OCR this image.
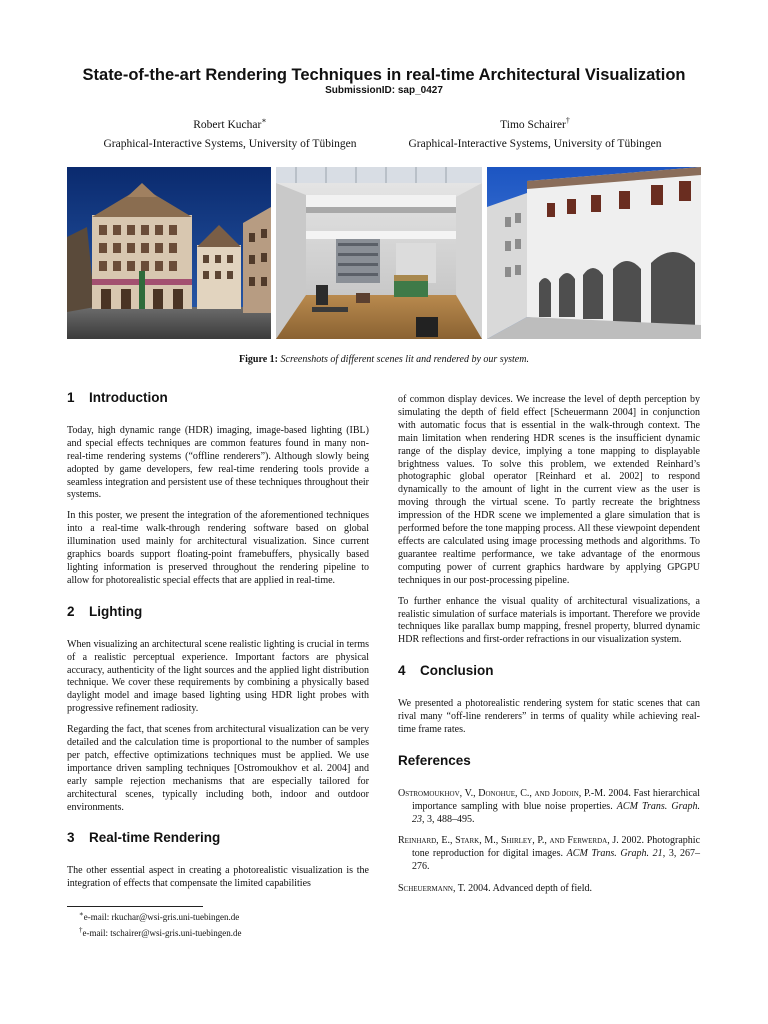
State-of-the-art Rendering Techniques in real-time Architectural Visualization
SubmissionID: sap_0427
Robert Kuchar∗
Graphical-Interactive Systems, University of Tübingen
Timo Schairer†
Graphical-Interactive Systems, University of Tübingen
Figure 1: Screenshots of different scenes lit and rendered by our system.
1 Introduction

Today, high dynamic range (HDR) imaging, image-based lighting (IBL) and special effects techniques are common features found in many non-real-time rendering systems (“offline renderers”). Although slowly being adopted by game developers, few real-time rendering tools provide a seamless integration and persistent use of these techniques throughout their systems.

In this poster, we present the integration of the aforementioned techniques into a real-time walk-through rendering software based on global illumination used mainly for architectural visualization. Since current graphics boards support floating-point framebuffers, physically based lighting information is preserved throughout the rendering pipeline to allow for photorealistic special effects that are applied in real-time.

2 Lighting

When visualizing an architectural scene realistic lighting is crucial in terms of a realistic perceptual experience. Important factors are physical accuracy, authenticity of the light sources and the applied light distribution technique. We cover these requirements by combining a physically based daylight model and image based lighting using HDR light probes with progressive refinement radiosity.

Regarding the fact, that scenes from architectural visualization can be very detailed and the calculation time is proportional to the number of samples per patch, effective optimizations techniques must be applied. We use importance driven sampling techniques [Ostromoukhov et al. 2004] and early sample rejection mechanisms that are especially tailored for architectural scenes, typically including both, indoor and outdoor environments.

3 Real-time Rendering

The other essential aspect in creating a photorealistic visualization is the integration of effects that compensate the limited capabilities

of common display devices. We increase the level of depth perception by simulating the depth of field effect [Scheuermann 2004] in conjunction with automatic focus that is essential in the walk-through context. The main limitation when rendering HDR scenes is the insufficient dynamic range of the display device, implying a tone mapping to displayable brightness values. To solve this problem, we extended Reinhard’s photographic global operator [Reinhard et al. 2002] to respond dynamically to the amount of light in the current view as the user is moving through the virtual scene. To partly recreate the brightness impression of the HDR scene we implemented a glare simulation that is performed before the tone mapping process. All these viewpoint dependent effects are calculated using image processing methods and algorithms. To guarantee realtime performance, we take advantage of the enormous computing power of current graphics hardware by applying GPGPU techniques in our post-processing pipeline.

To further enhance the visual quality of architectural visualizations, a realistic simulation of surface materials is important. Therefore we provide techniques like parallax bump mapping, fresnel property, blurred dynamic HDR reflections and first-order refractions in our visualization system.

4 Conclusion

We presented a photorealistic rendering system for static scenes that can rival many “off-line renderers” in terms of quality while achieving real-time frame rates.

References
Ostromoukhov, V., Donohue, C., and Jodoin, P.-M. 2004. Fast hierarchical importance sampling with blue noise properties. ACM Trans. Graph. 23, 3, 488–495.
Reinhard, E., Stark, M., Shirley, P., and Ferwerda, J. 2002. Photographic tone reproduction for digital images. ACM Trans. Graph. 21, 3, 267–276.
Scheuermann, T. 2004. Advanced depth of field.
∗e-mail: rkuchar@wsi-gris.uni-tuebingen.de
†e-mail: tschairer@wsi-gris.uni-tuebingen.de
